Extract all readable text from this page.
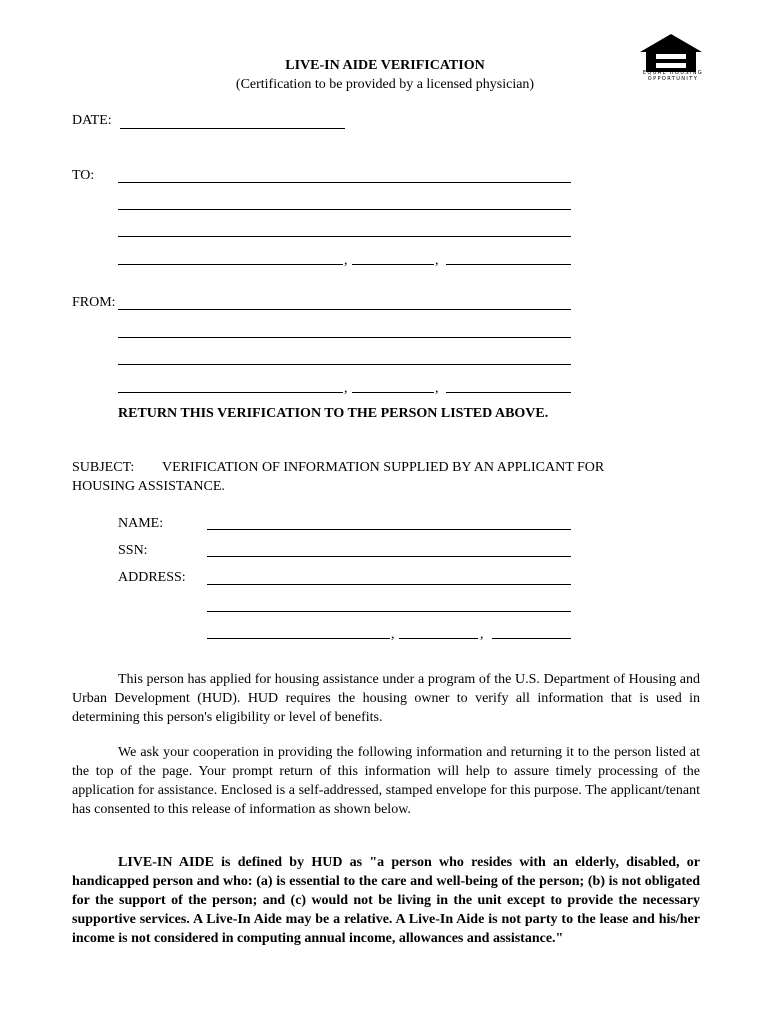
EQUAL HOUSING
OPPORTUNITY
LIVE-IN AIDE VERIFICATION
(Certification to be provided by a licensed physician)
DATE:
TO:
,	,
FROM:
,	,
RETURN THIS VERIFICATION TO THE PERSON LISTED ABOVE.
SUBJECT: VERIFICATION OF INFORMATION SUPPLIED BY AN APPLICANT FOR
HOUSING ASSISTANCE.
NAME:
SSN:
ADDRESS:
,	,
This person has applied for housing assistance under a program of the U.S. Department of Housing and Urban Development (HUD). HUD requires the housing owner to verify all information that is used in determining this person's eligibility or level of benefits.
We ask your cooperation in providing the following information and returning it to the person listed at the top of the page. Your prompt return of this information will help to assure timely processing of the application for assistance. Enclosed is a self-addressed, stamped envelope for this purpose. The applicant/tenant has consented to this release of information as shown below.
LIVE-IN AIDE is defined by HUD as "a person who resides with an elderly, disabled, or handicapped person and who: (a) is essential to the care and well-being of the person; (b) is not obligated for the support of the person; and (c) would not be living in the unit except to provide the necessary supportive services. A Live-In Aide may be a relative. A Live-In Aide is not party to the lease and his/her income is not considered in computing annual income, allowances and assistance."
